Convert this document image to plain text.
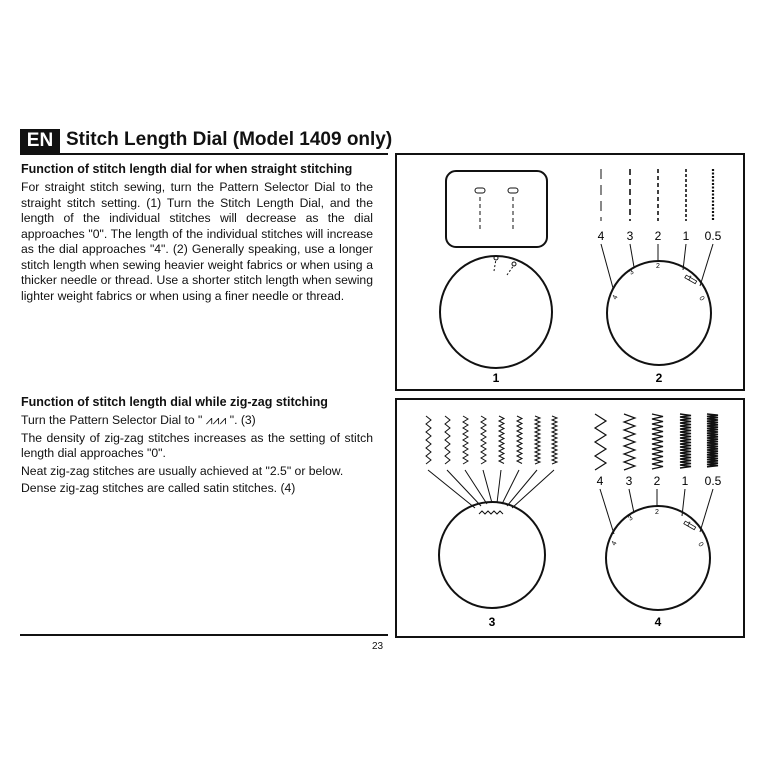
EN Stitch Length Dial (Model 1409 only)
Function of stitch length dial for when straight stitching

For straight stitch sewing, turn the Pattern Selector Dial to the straight stitch setting. (1) Turn the Stitch Length Dial, and the length of the individual stitches will decrease as the dial approaches "0". The length of the individual stitches will increase as the dial approaches "4". (2) Generally speaking, use a longer stitch length when sewing heavier weight fabrics or when using a thicker needle or thread. Use a shorter stitch length when sewing lighter weight fabrics or when using a finer needle or thread.

Function of stitch length dial while zig-zag stitching

Turn the Pattern Selector Dial to " ⩘⩘⩘ ". (3)

The density of zig-zag stitches increases as the setting of stitch length dial approaches "0".

Neat zig-zag stitches are usually achieved at "2.5" or below.

Dense zig-zag stitches are called satin stitches. (4)

1
4 3 2 1 0.5
4
3
2
1
0
2
3
4 3 2 1 0.5
4
3
2
1
0
4
23
